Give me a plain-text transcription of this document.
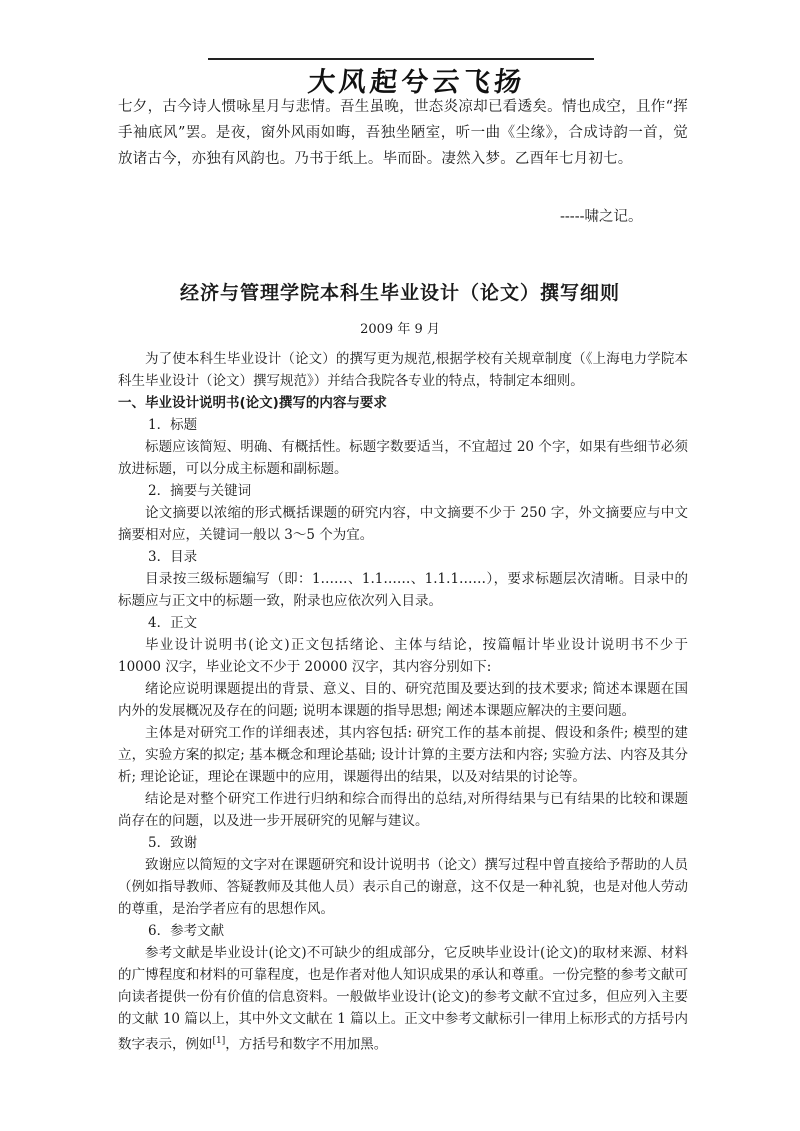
大风起兮云飞扬
七夕，古今诗人惯咏星月与悲情。吾生虽晚，世态炎凉却已看透矣。情也成空，且作“挥手袖底风”罢。是夜，窗外风雨如晦，吾独坐陋室，听一曲《尘缘》，合成诗韵一首，觉放诸古今，亦独有风韵也。乃书于纸上。毕而卧。凄然入梦。乙酉年七月初七。
-----啸之记。
经济与管理学院本科生毕业设计（论文）撰写细则
2009 年 9 月

为了使本科生毕业设计（论文）的撰写更为规范,根据学校有关规章制度（《上海电力学院本科生毕业设计（论文）撰写规范》）并结合我院各专业的特点，特制定本细则。

一、毕业设计说明书(论文)撰写的内容与要求

1．标题

标题应该简短、明确、有概括性。标题字数要适当，不宜超过 20 个字，如果有些细节必须放进标题，可以分成主标题和副标题。

2．摘要与关键词

论文摘要以浓缩的形式概括课题的研究内容，中文摘要不少于 250 字，外文摘要应与中文摘要相对应，关键词一般以 3～5 个为宜。

3．目录

目录按三级标题编写（即：1……、1.1……、1.1.1……），要求标题层次清晰。目录中的标题应与正文中的标题一致，附录也应依次列入目录。

4．正文

毕业设计说明书(论文)正文包括绪论、主体与结论，按篇幅计毕业设计说明书不少于 10000 汉字，毕业论文不少于 20000 汉字，其内容分别如下:

绪论应说明课题提出的背景、意义、目的、研究范围及要达到的技术要求; 简述本课题在国内外的发展概况及存在的问题; 说明本课题的指导思想; 阐述本课题应解决的主要问题。

主体是对研究工作的详细表述，其内容包括: 研究工作的基本前提、假设和条件; 模型的建立，实验方案的拟定; 基本概念和理论基础; 设计计算的主要方法和内容; 实验方法、内容及其分析; 理论论证，理论在课题中的应用，课题得出的结果，以及对结果的讨论等。

结论是对整个研究工作进行归纳和综合而得出的总结,对所得结果与已有结果的比较和课题尚存在的问题，以及进一步开展研究的见解与建议。

5．致谢

致谢应以简短的文字对在课题研究和设计说明书（论文）撰写过程中曾直接给予帮助的人员（例如指导教师、答疑教师及其他人员）表示自己的谢意，这不仅是一种礼貌，也是对他人劳动的尊重，是治学者应有的思想作风。

6．参考文献

参考文献是毕业设计(论文)不可缺少的组成部分，它反映毕业设计(论文)的取材来源、材料的广博程度和材料的可靠程度，也是作者对他人知识成果的承认和尊重。一份完整的参考文献可向读者提供一份有价值的信息资料。一般做毕业设计(论文)的参考文献不宜过多，但应列入主要的文献 10 篇以上，其中外文文献在 1 篇以上。正文中参考文献标引一律用上标形式的方括号内数字表示，例如[1]，方括号和数字不用加黑。
